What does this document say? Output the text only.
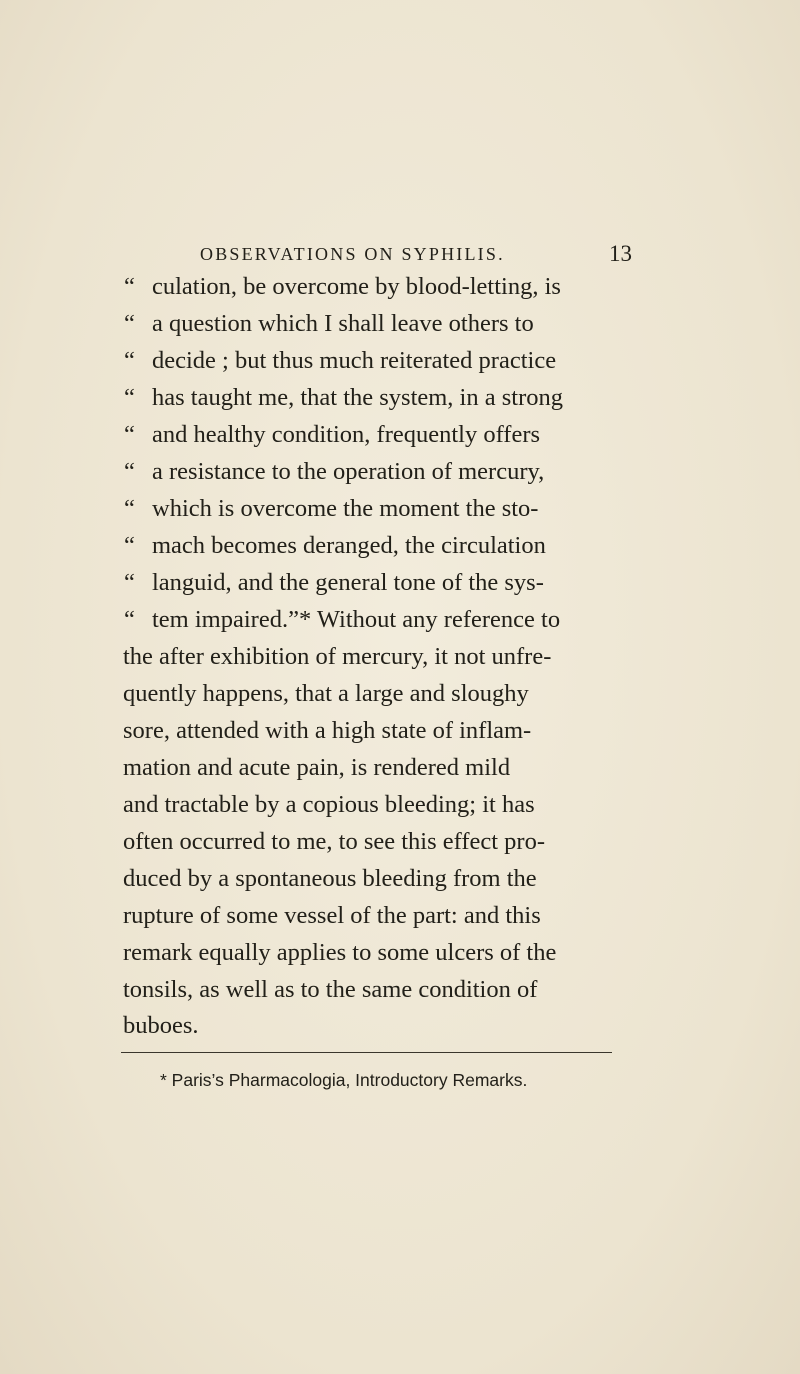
OBSERVATIONS ON SYPHILIS.	13
“ culation, be overcome by blood-letting, is
“ a question which I shall leave others to
“ decide ; but thus much reiterated practice
“ has taught me, that the system, in a strong
“ and healthy condition, frequently offers
“ a resistance to the operation of mercury,
“ which is overcome the moment the sto-
“ mach becomes deranged, the circulation
“ languid, and the general tone of the sys-
“ tem impaired.”* Without any reference to
the after exhibition of mercury, it not unfre-
quently happens, that a large and sloughy
sore, attended with a high state of inflam-
mation and acute pain, is rendered mild
and tractable by a copious bleeding; it has
often occurred to me, to see this effect pro-
duced by a spontaneous bleeding from the
rupture of some vessel of the part: and this
remark equally applies to some ulcers of the
tonsils, as well as to the same condition of
buboes.
* Paris’s Pharmacologia, Introductory Remarks.
